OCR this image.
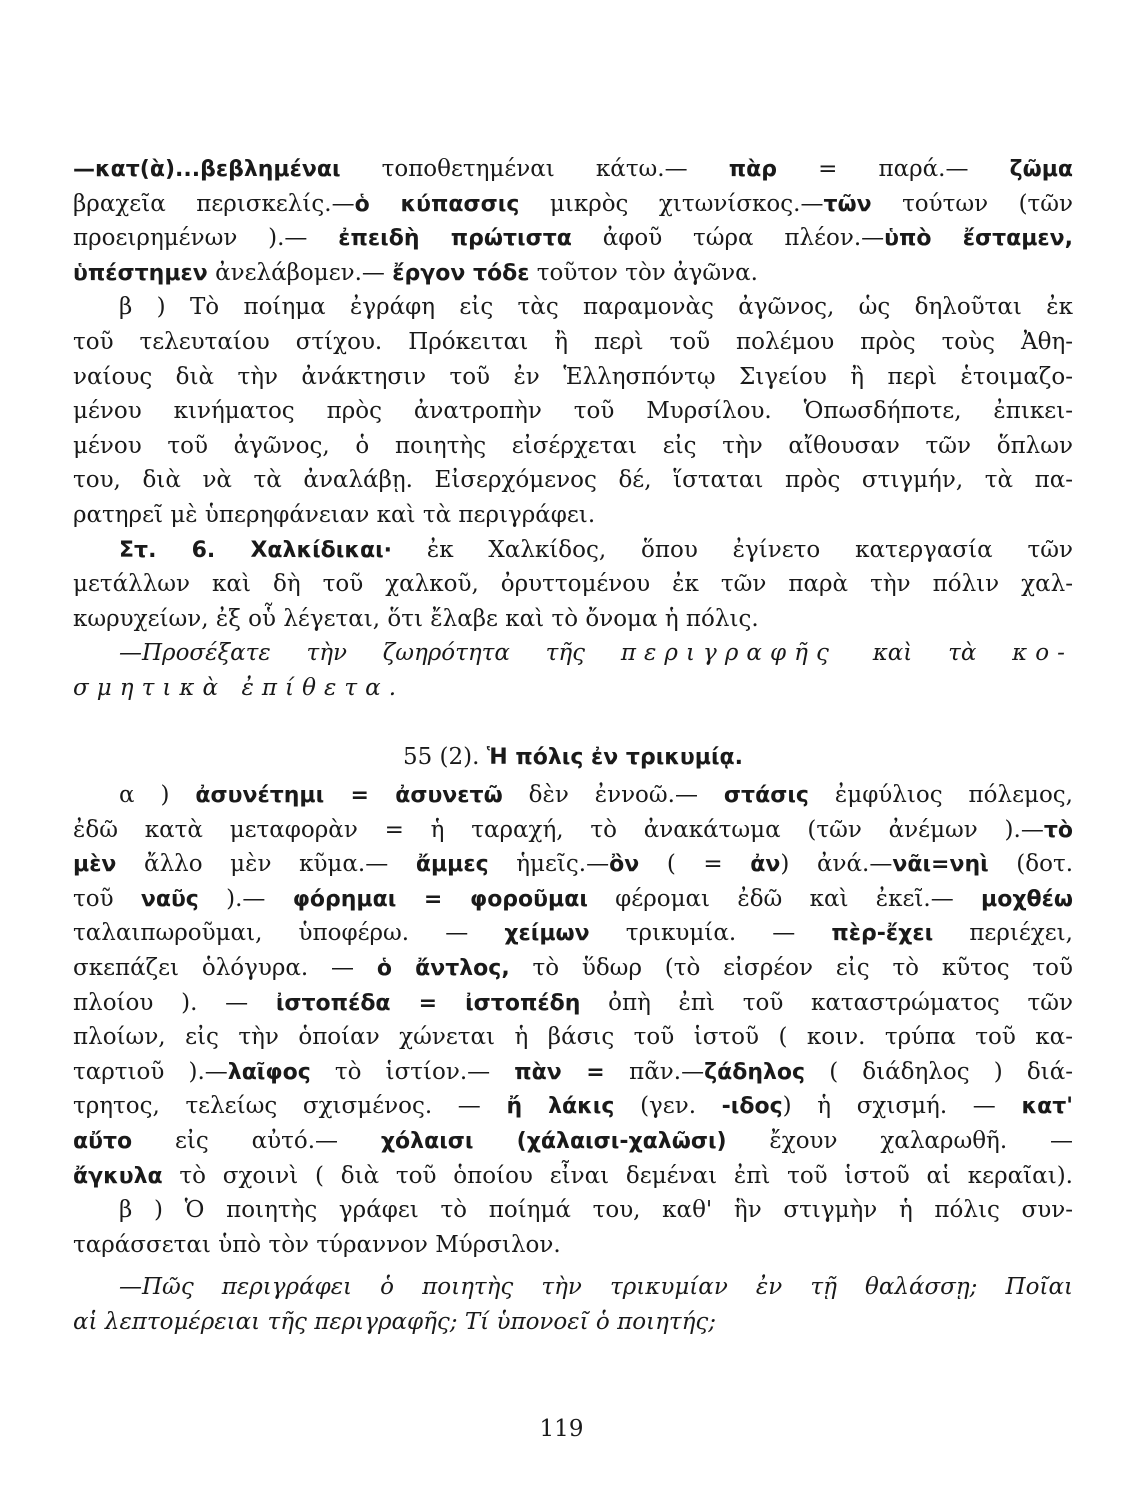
—κατ(ὰ)...βεβλημέναι τοποθετημέναι κάτω.— πὰρ = παρά.— ζῶμα
βραχεῖα περισκελίς.—ὁ κύπασσις μικρὸς χιτωνίσκος.—τῶν τούτων (τῶν
προειρημένων ).— ἐπειδὴ πρώτιστα ἀφοῦ τώρα πλέον.—ὑπὸ ἔσταμεν,
ὑπέστημεν ἀνελάβομεν.— ἔργον τόδε τοῦτον τὸν ἀγῶνα.
β ) Τὸ ποίημα ἐγράφη εἰς τὰς παραμονὰς ἀγῶνος, ὡς δηλοῦται ἐκ
τοῦ τελευταίου στίχου. Πρόκειται ἢ περὶ τοῦ πολέμου πρὸς τοὺς Ἀθη-
ναίους διὰ τὴν ἀνάκτησιν τοῦ ἐν Ἑλλησπόντῳ Σιγείου ἢ περὶ ἑτοιμαζο-
μένου κινήματος πρὸς ἀνατροπὴν τοῦ Μυρσίλου. Ὁπωσδήποτε, ἐπικει-
μένου τοῦ ἀγῶνος, ὁ ποιητὴς εἰσέρχεται εἰς τὴν αἴθουσαν τῶν ὅπλων
του, διὰ νὰ τὰ ἀναλάβῃ. Εἰσερχόμενος δέ, ἵσταται πρὸς στιγμήν, τὰ πα-
ρατηρεῖ μὲ ὑπερηφάνειαν καὶ τὰ περιγράφει.
Στ. 6. Χαλκίδικαι· ἐκ Χαλκίδος, ὅπου ἐγίνετο κατεργασία τῶν
μετάλλων καὶ δὴ τοῦ χαλκοῦ, ὀρυττομένου ἐκ τῶν παρὰ τὴν πόλιν χαλ-
κωρυχείων, ἐξ οὗ λέγεται, ὅτι ἔλαβε καὶ τὸ ὄνομα ἡ πόλις.
—Προσέξατε τὴν ζωηρότητα τῆς περιγραφῆς καὶ τὰ κο-
σμητικὰ ἐπίθετα.
55 (2). Ἡ πόλις ἐν τρικυμίᾳ.
α ) ἀσυνέτημι = ἀσυνετῶ δὲν ἐννοῶ.— στάσις ἐμφύλιος πόλεμος,
ἐδῶ κατὰ μεταφορὰν = ἡ ταραχή, τὸ ἀνακάτωμα (τῶν ἀνέμων ).—τὸ
μὲν ἄλλο μὲν κῦμα.— ἄμμες ἡμεῖς.—ὂν ( = ἀν) ἀνά.—νᾶι=νηὶ (δοτ.
τοῦ ναῦς ).— φόρημαι = φοροῦμαι φέρομαι ἐδῶ καὶ ἐκεῖ.— μοχθέω
ταλαιπωροῦμαι, ὑποφέρω. — χείμων τρικυμία. — πὲρ-ἔχει περιέχει,
σκεπάζει ὁλόγυρα. — ὁ ἄντλος, τὸ ὕδωρ (τὸ εἰσρέον εἰς τὸ κῦτος τοῦ
πλοίου ). — ἰστοπέδα = ἰστοπέδη ὀπὴ ἐπὶ τοῦ καταστρώματος τῶν
πλοίων, εἰς τὴν ὁποίαν χώνεται ἡ βάσις τοῦ ἱστοῦ ( κοιν. τρύπα τοῦ κα-
ταρτιοῦ ).—λαῖφος τὸ ἱστίον.— πὰν = πᾶν.—ζάδηλος ( διάδηλος ) διά-
τρητος, τελείως σχισμένος. — ἤ λάκις (γεν. -ιδος) ἡ σχισμή. — κατ'
αὔτο εἰς αὐτό.— χόλαισι (χάλαισι-χαλῶσι) ἔχουν χαλαρωθῆ. —
ἄγκυλα τὸ σχοινὶ ( διὰ τοῦ ὁποίου εἶναι δεμέναι ἐπὶ τοῦ ἱστοῦ αἱ κεραῖαι).
β ) Ὁ ποιητὴς γράφει τὸ ποίημά του, καθ' ἣν στιγμὴν ἡ πόλις συν-
ταράσσεται ὑπὸ τὸν τύραννον Μύρσιλον.
—Πῶς περιγράφει ὁ ποιητὴς τὴν τρικυμίαν ἐν τῇ θαλάσσῃ; Ποῖαι
αἱ λεπτομέρειαι τῆς περιγραφῆς; Τί ὑπονοεῖ ὁ ποιητής;
119
